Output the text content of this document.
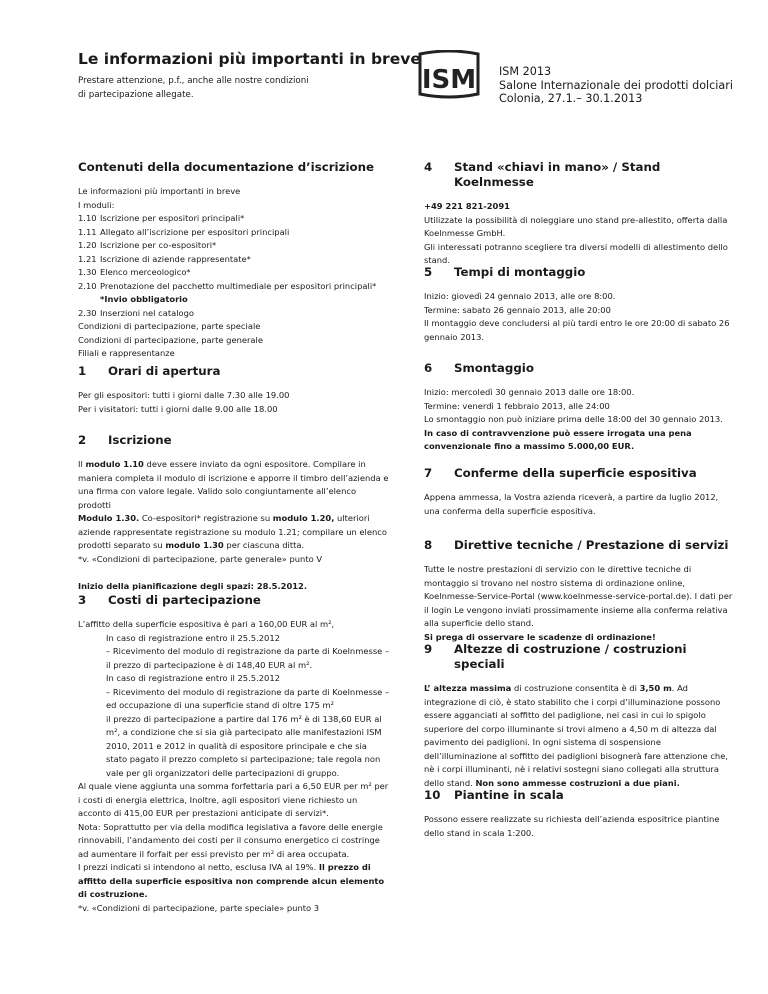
Le informazioni più importanti in breve
Prestare attenzione, p.f., anche alle nostre condizioni
di partecipazione allegate.	ISM ISM 2013
Salone Internazionale dei prodotti dolciari
Colonia, 27.1.– 30.1.2013
Contenuti della documentazione d’iscrizione

Le informazioni più importanti in breve

I moduli:

1.10 Iscrizione per espositori principali*
1.11 Allegato all’iscrizione per espositori principali
1.20 Iscrizione per co-espositori*
1.21 Iscrizione di aziende rappresentate*
1.30 Elenco merceologico*
2.10 Prenotazione del pacchetto multimediale per espositori principali*
*Invio obbligatorio
2.30 Inserzioni nel catalogo

Condizioni di partecipazione, parte speciale

Condizioni di partecipazione, parte generale

Filiali e rappresentanze

1	Orari di apertura

Per gli espositori: tutti i giorni dalle 7.30 alle 19.00

Per i visitatori: tutti i giorni dalle 9.00 alle 18.00

2	Iscrizione

Il modulo 1.10 deve essere inviato da ogni espositore. Compilare in maniera completa il modulo di iscrizione e apporre il timbro dell’azienda e una firma con valore legale. Valido solo congiuntamente all’elenco prodotti

Modulo 1.30. Co-espositori* registrazione su modulo 1.20, ulteriori aziende rappresentate registrazione su modulo 1.21; compilare un elenco prodotti separato su modulo 1.30 per ciascuna ditta.

*v. «Condizioni di partecipazione, parte generale» punto V

Inizio della pianificazione degli spazi: 28.5.2012.

3	Costi di partecipazione

L’affitto della superficie espositiva è pari a 160,00 EUR al m²,

In caso di registrazione entro il 25.5.2012
– Ricevimento del modulo di registrazione da parte di Koelnmesse –
il prezzo di partecipazione è di 148,40 EUR al m².
In caso di registrazione entro il 25.5.2012
– Ricevimento del modulo di registrazione da parte di Koelnmesse –
ed occupazione di una superficie stand di oltre 175 m²
il prezzo di partecipazione a partire dal 176 m² è di 138,60 EUR al m², a condizione che si sia già partecipato alle manifestazioni ISM 2010, 2011 e 2012 in qualità di espositore principale e che sia stato pagato il prezzo completo si partecipazione; tale regola non vale per gli organizzatori delle partecipazioni di gruppo.

Al quale viene aggiunta una somma forfettaria pari a 6,50 EUR per m² per i costi di energia elettrica, Inoltre, agli espositori viene richiesto un acconto di 415,00 EUR per prestazioni anticipate di servizi*.

Nota: Soprattutto per via della modifica legislativa a favore delle energie rinnovabili, l’andamento dei costi per il consumo energetico ci costringe ad aumentare il forfait per essi previsto per m² di area occupata.

I prezzi indicati si intendono al netto, esclusa IVA al 19%. Il prezzo di affitto della superficie espositiva non comprende alcun elemento di costruzione.

*v. «Condizioni di partecipazione, parte speciale» punto 3

4	Stand «chiavi in mano» / Stand Koelnmesse

+49 221 821-2091

Utilizzate la possibilità di noleggiare uno stand pre-allestito, offerta dalla Koelnmesse GmbH.

Gli interessati potranno scegliere tra diversi modelli di allestimento dello stand.

5	Tempi di montaggio

Inizio: giovedì 24 gennaio 2013, alle ore 8:00.

Termine: sabato 26 gennaio 2013, alle 20:00

Il montaggio deve concludersi al più tardi entro le ore 20:00 di sabato 26 gennaio 2013.

6	Smontaggio

Inizio: mercoledì 30 gennaio 2013 dalle ore 18:00.

Termine: venerdì 1 febbraio 2013, alle 24:00

Lo smontaggio non può iniziare prima delle 18:00 del 30 gennaio 2013.

In caso di contravvenzione può essere irrogata una pena convenzionale fino a massimo 5.000,00 EUR.

7	Conferme della superficie espositiva

Appena ammessa, la Vostra azienda riceverà, a partire da luglio 2012, una conferma della superficie espositiva.

8	Direttive tecniche / Prestazione di servizi

Tutte le nostre prestazioni di servizio con le direttive tecniche di montaggio si trovano nel nostro sistema di ordinazione online, Koelnmesse-Service-Portal (www.koelnmesse-service-portal.de). I dati per il login Le vengono inviati prossimamente insieme alla conferma relativa alla superficie dello stand.

Si prega di osservare le scadenze di ordinazione!

9	Altezze di costruzione / costruzioni speciali

L’ altezza massima di costruzione consentita è di 3,50 m. Ad integrazione di ciò, è stato stabilito che i corpi d’illuminazione possono essere agganciati al soffitto del padiglione, nei casi in cui lo spigolo superiore del corpo illuminante si trovi almeno a 4,50 m di altezza dal pavimento dei padiglioni. In ogni sistema di sospensione dell’illuminazione al soffitto dei padiglioni bisognerà fare attenzione che, nè i corpi illuminanti, nè i relativi sostegni siano collegati alla struttura dello stand. Non sono ammesse costruzioni a due piani.

10	Piantine in scala

Possono essere realizzate su richiesta dell’azienda espositrice piantine dello stand in scala 1:200.
